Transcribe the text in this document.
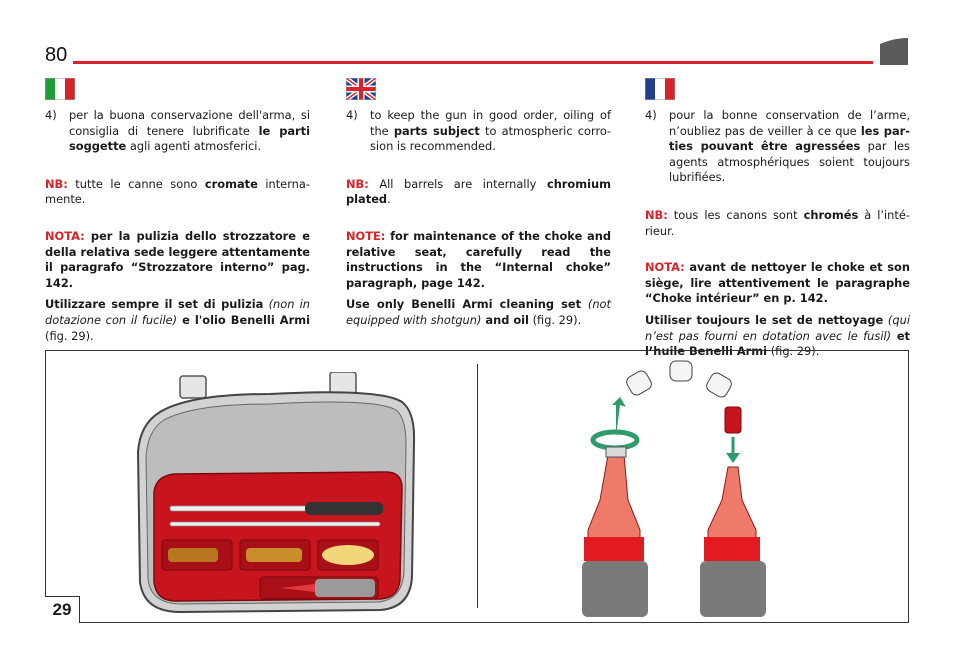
80
4)	per la buona conservazione dell'arma, si consiglia di tenere lubrificate le parti soggette agli agenti atmosferici.
NB: tutte le canne sono cromate internamente.
NOTA: per la pulizia dello strozzatore e della relativa sede leggere attentamente il paragrafo “Strozzatore interno” pag. 142.
Utilizzare sempre il set di pulizia (non in dotazione con il fucile) e l'olio Benelli Armi (fig. 29).
4)	to keep the gun in good order, oiling of the parts subject to atmospheric corrosion is recommended.
NB: All barrels are internally chromium plated.
NOTE: for maintenance of the choke and relative seat, carefully read the instructions in the “Internal choke” paragraph, page 142.
Use only Benelli Armi cleaning set (not equipped with shotgun) and oil (fig. 29).
4)	pour la bonne conservation de l’arme, n’oubliez pas de veiller à ce que les parties pouvant être agressées par les agents atmosphériques soient toujours lubrifiées.
NB: tous les canons sont chromés à l’intérieur.
NOTA: avant de nettoyer le choke et son siège, lire attentivement le paragraphe “Choke intérieur” en p. 142.
Utiliser toujours le set de nettoyage (qui n’est pas fourni en dotation avec le fusil) et l’huile Benelli Armi (fig. 29).
29
